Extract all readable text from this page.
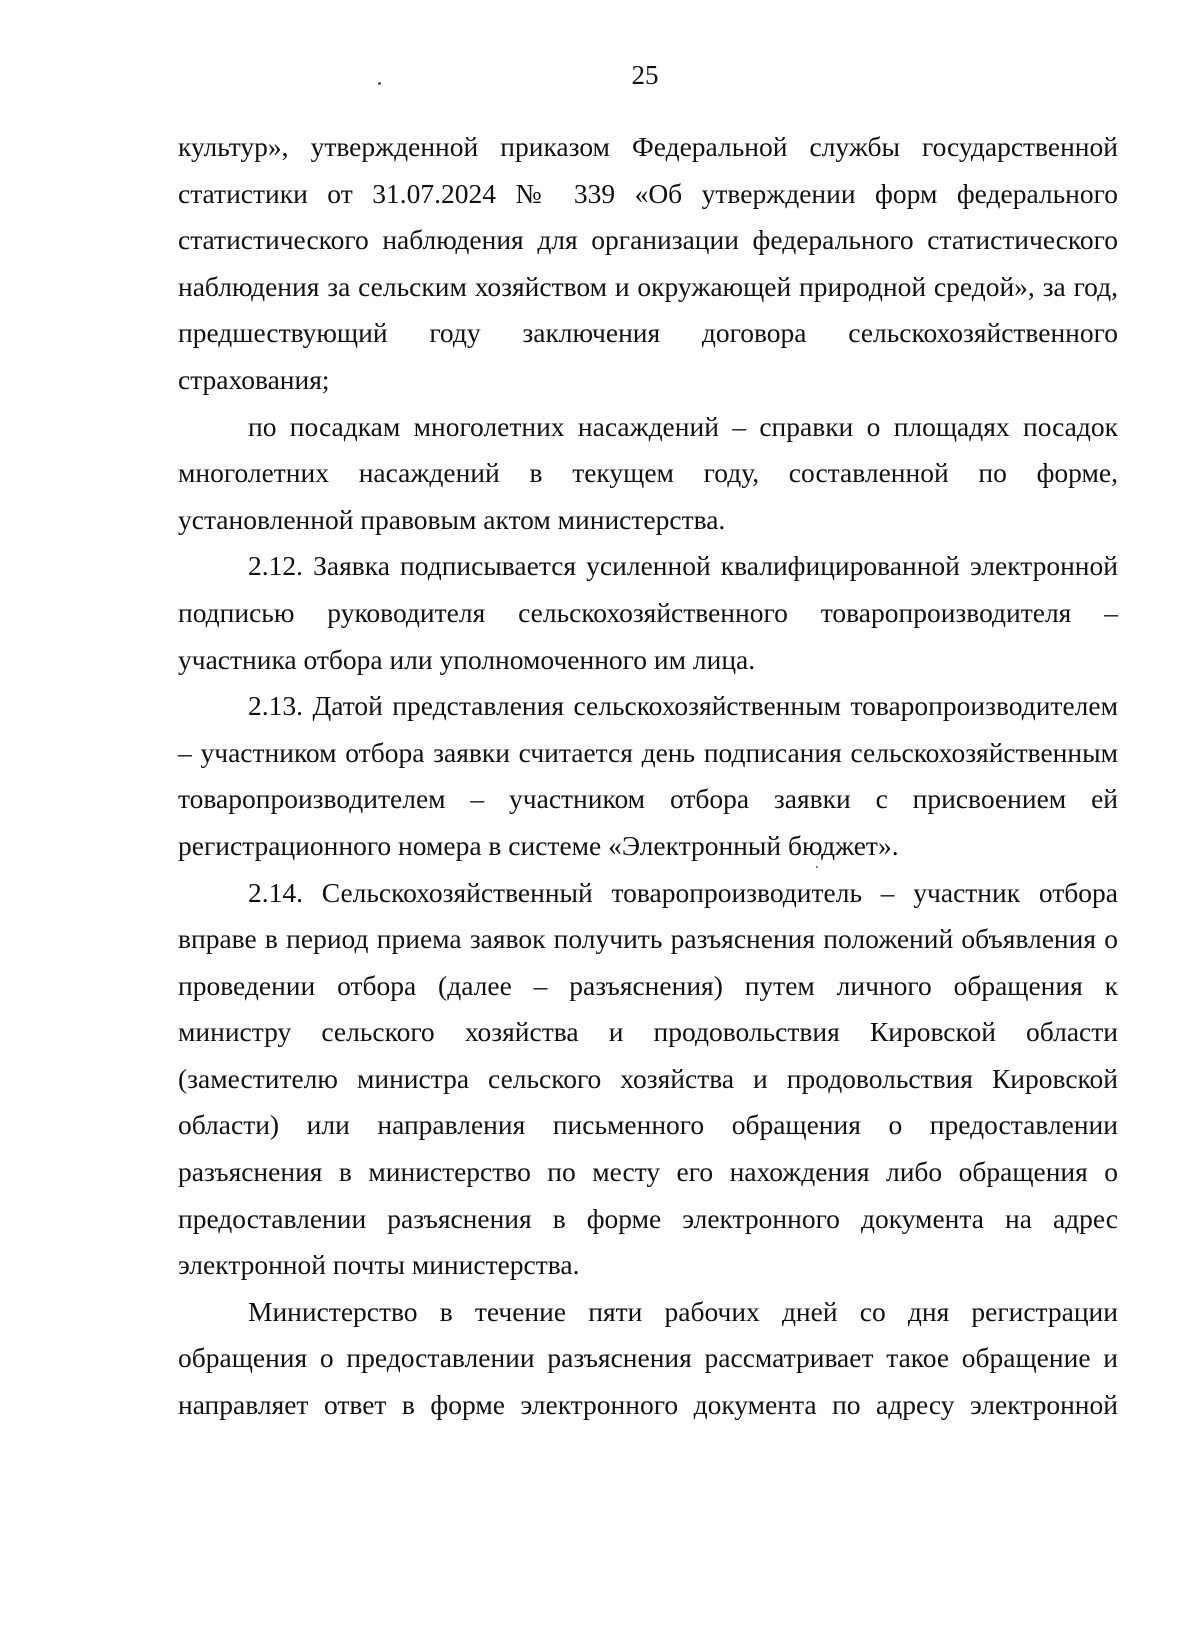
25

культур», утвержденной приказом Федеральной службы государственной статистики от 31.07.2024 № 339 «Об утверждении форм федерального статистического наблюдения для организации федерального статистического наблюдения за сельским хозяйством и окружающей природной средой», за год, предшествующий году заключения договора сельскохозяйственного страхования;

по посадкам многолетних насаждений – справки о площадях посадок многолетних насаждений в текущем году, составленной по форме, установленной правовым актом министерства.

2.12. Заявка подписывается усиленной квалифицированной электронной подписью руководителя сельскохозяйственного товаропроизводителя – участника отбора или уполномоченного им лица.

2.13. Датой представления сельскохозяйственным товаропроизводителем – участником отбора заявки считается день подписания сельскохозяйственным товаропроизводителем – участником отбора заявки с присвоением ей регистрационного номера в системе «Электронный бюджет».

2.14. Сельскохозяйственный товаропроизводитель – участник отбора вправе в период приема заявок получить разъяснения положений объявления о проведении отбора (далее – разъяснения) путем личного обращения к министру сельского хозяйства и продовольствия Кировской области (заместителю министра сельского хозяйства и продовольствия Кировской области) или направления письменного обращения о предоставлении разъяснения в министерство по месту его нахождения либо обращения о предоставлении разъяснения в форме электронного документа на адрес электронной почты министерства.

Министерство в течение пяти рабочих дней со дня регистрации обращения о предоставлении разъяснения рассматривает такое обращение и направляет ответ в форме электронного документа по адресу электронной
